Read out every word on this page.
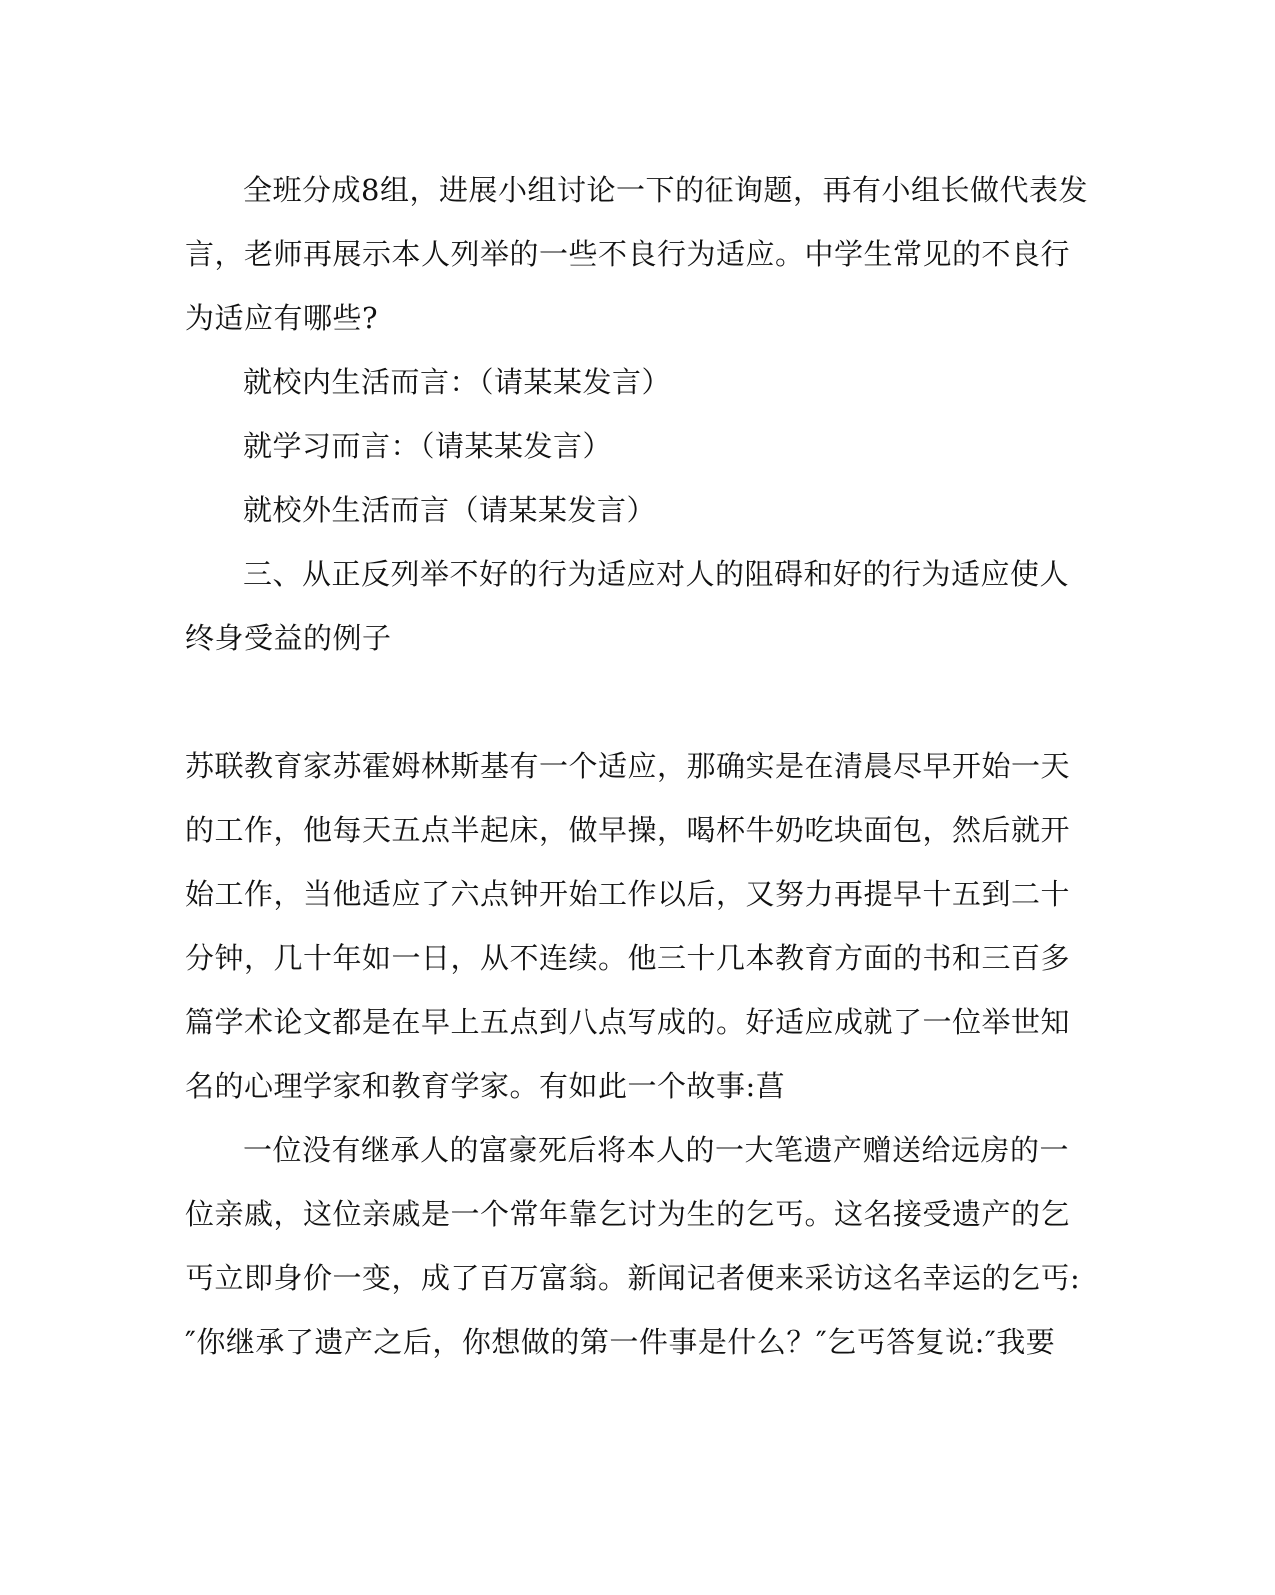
全班分成8组，进展小组讨论一下的征询题，再有小组长做代表发

言，老师再展示本人列举的一些不良行为适应。中学生常见的不良行

为适应有哪些?

就校内生活而言：（请某某发言）

就学习而言：（请某某发言）

就校外生活而言（请某某发言）

三、从正反列举不好的行为适应对人的阻碍和好的行为适应使人

终身受益的例子

苏联教育家苏霍姆林斯基有一个适应，那确实是在清晨尽早开始一天

的工作，他每天五点半起床，做早操，喝杯牛奶吃块面包，然后就开

始工作，当他适应了六点钟开始工作以后，又努力再提早十五到二十

分钟，几十年如一日，从不连续。他三十几本教育方面的书和三百多

篇学术论文都是在早上五点到八点写成的。好适应成就了一位举世知

名的心理学家和教育学家。有如此一个故事:菖

一位没有继承人的富豪死后将本人的一大笔遗产赠送给远房的一

位亲戚，这位亲戚是一个常年靠乞讨为生的乞丐。这名接受遗产的乞

丐立即身价一变，成了百万富翁。新闻记者便来采访这名幸运的乞丐:

″你继承了遗产之后，你想做的第一件事是什么？″乞丐答复说:″我要
